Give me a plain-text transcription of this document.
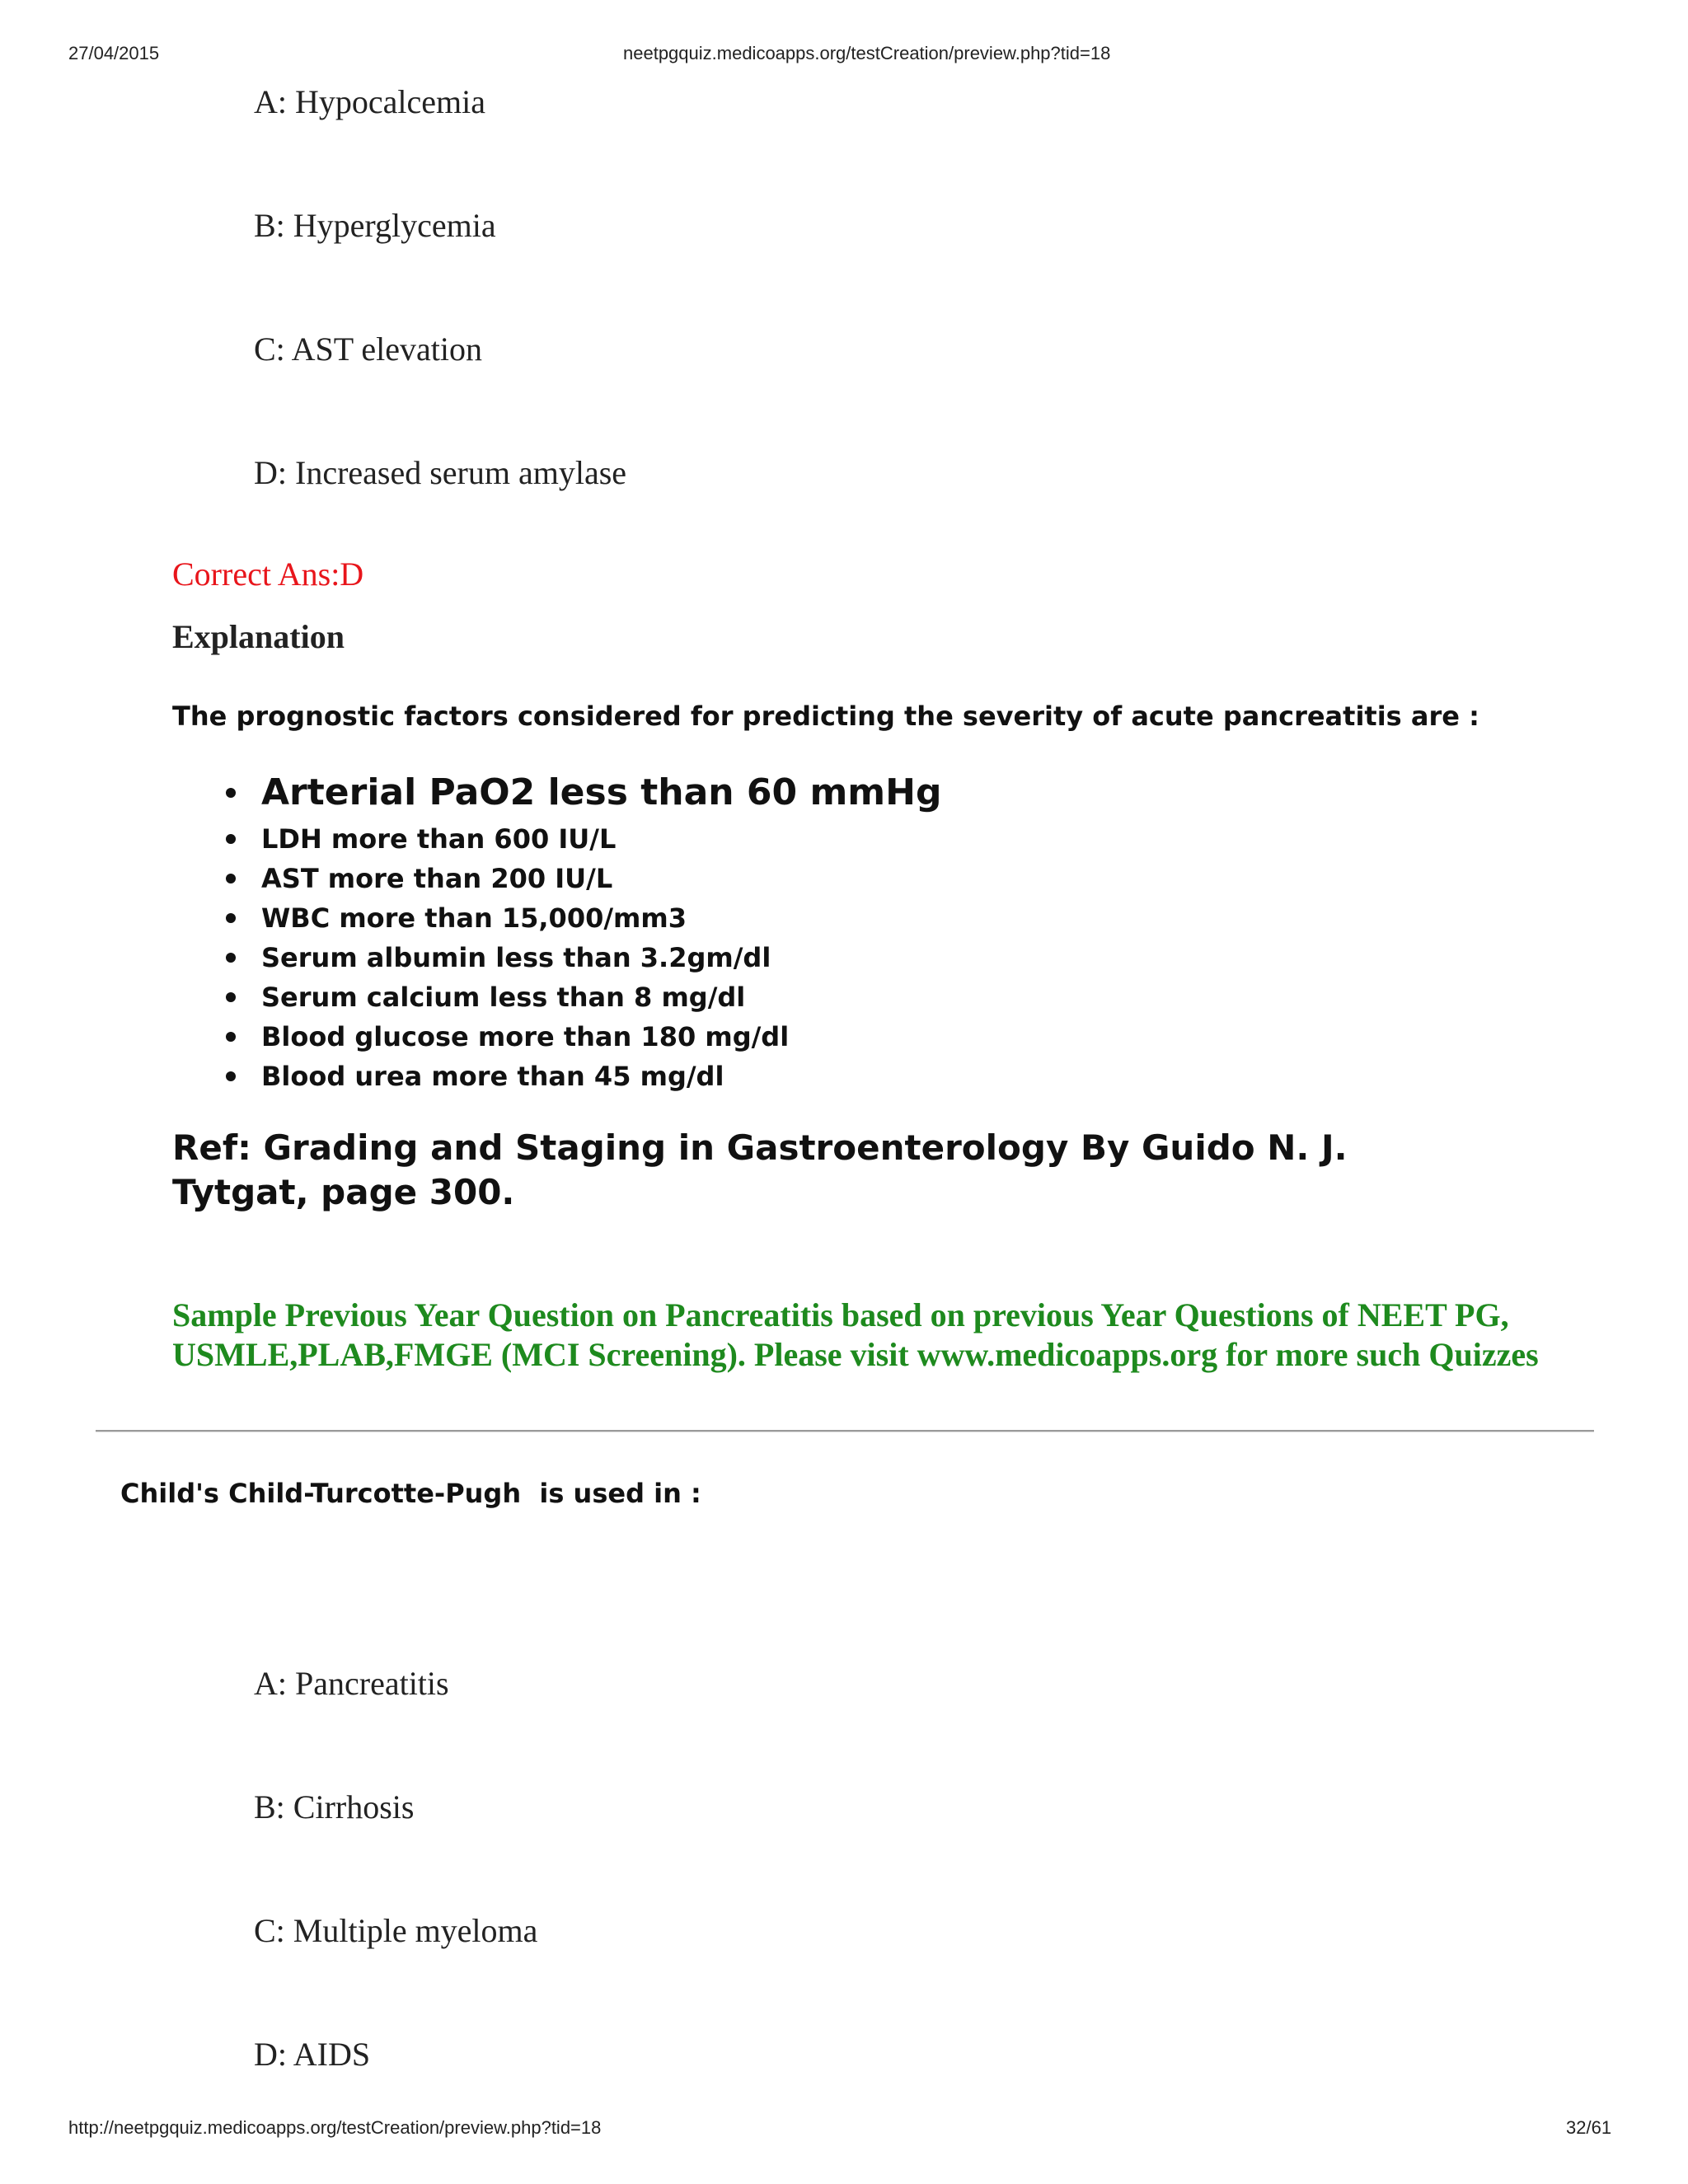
27/04/2015	neetpgquiz.medicoapps.org/testCreation/preview.php?tid=18
A: Hypocalcemia
B: Hyperglycemia
C: AST elevation
D: Increased serum amylase
Correct Ans:D
Explanation
The prognostic factors considered for predicting the severity of acute pancreatitis are :
Arterial PaO2 less than 60 mmHg
LDH more than 600 IU/L
AST more than 200 IU/L
WBC more than 15,000/mm3
Serum albumin less than 3.2gm/dl
Serum calcium less than 8 mg/dl
Blood glucose more than 180 mg/dl
Blood urea more than 45 mg/dl
Ref: Grading and Staging in Gastroenterology By Guido N. J. Tytgat, page 300.
Sample Previous Year Question on Pancreatitis based on previous Year Questions of NEET PG, USMLE,PLAB,FMGE (MCI Screening). Please visit www.medicoapps.org for more such Quizzes
Child's Child-Turcotte-Pugh  is used in :
A: Pancreatitis
B: Cirrhosis
C: Multiple myeloma
D: AIDS
http://neetpgquiz.medicoapps.org/testCreation/preview.php?tid=18	32/61
